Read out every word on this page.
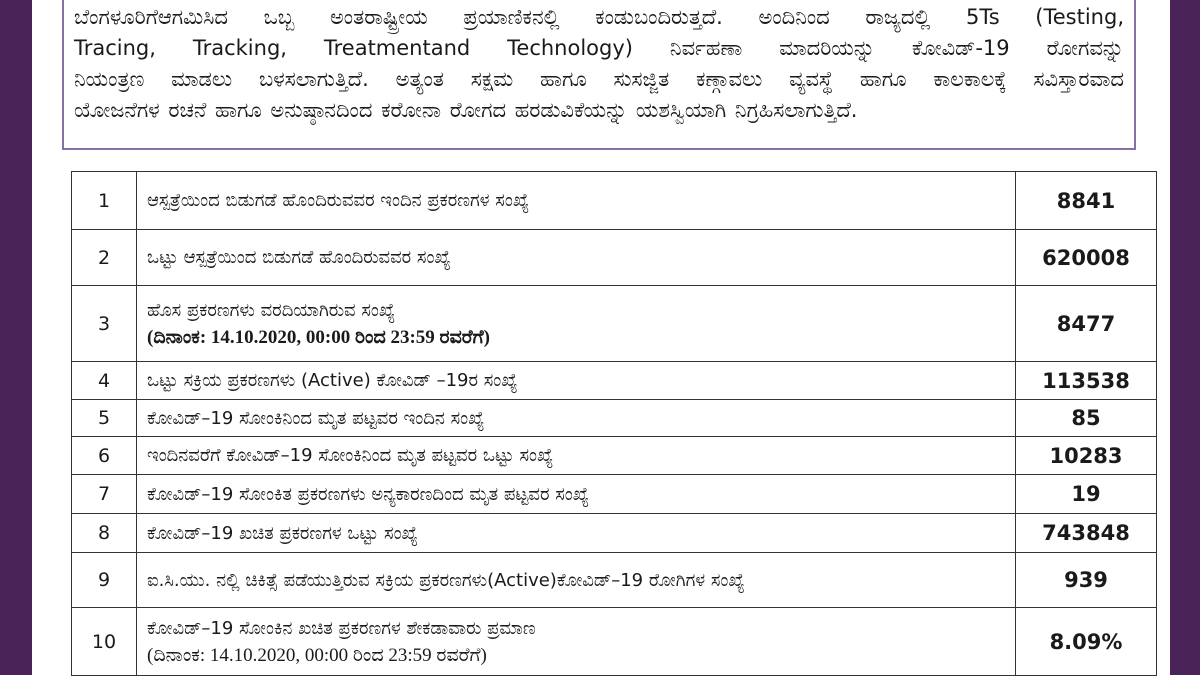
ಬೆಂಗಳೂರಿಗೆಆಗಮಿಸಿದ ಒಬ್ಬ ಅಂತರಾಷ್ಟ್ರೀಯ ಪ್ರಯಾಣಿಕನಲ್ಲಿ ಕಂಡುಬಂದಿರುತ್ತದೆ. ಅಂದಿನಿಂದ ರಾಜ್ಯದಲ್ಲಿ 5Ts (Testing,

Tracing, Tracking, Treatmentand Technology) ನಿರ್ವಹಣಾ ಮಾದರಿಯನ್ನು ಕೋವಿಡ್-19 ರೋಗವನ್ನು

ನಿಯಂತ್ರಣ ಮಾಡಲು ಬಳಸಲಾಗುತ್ತಿದೆ. ಅತ್ಯಂತ ಸಕ್ಷಮ ಹಾಗೂ ಸುಸಜ್ಜಿತ ಕಣ್ಗಾವಲು ವ್ಯವಸ್ಥೆ ಹಾಗೂ ಕಾಲಕಾಲಕ್ಕೆ ಸವಿಸ್ತಾರವಾದ

ಯೋಜನೆಗಳ ರಚನೆ ಹಾಗೂ ಅನುಷ್ಠಾನದಿಂದ ಕರೋನಾ ರೋಗದ ಹರಡುವಿಕೆಯನ್ನು ಯಶಸ್ವಿಯಾಗಿ ನಿಗ್ರಹಿಸಲಾಗುತ್ತಿದೆ.

1	ಆಸ್ಪತ್ರೆಯಿಂದ ಬಿಡುಗಡೆ ಹೊಂದಿರುವವರ ಇಂದಿನ ಪ್ರಕರಣಗಳ ಸಂಖ್ಯೆ	8841
2	ಒಟ್ಟು ಆಸ್ಪತ್ರೆಯಿಂದ ಬಿಡುಗಡೆ ಹೊಂದಿರುವವರ ಸಂಖ್ಯೆ	620008
3	ಹೊಸ ಪ್ರಕರಣಗಳು ವರದಿಯಾಗಿರುವ ಸಂಖ್ಯೆ
(ದಿನಾಂಕ: 14.10.2020, 00:00 ರಿಂದ 23:59 ರವರೆಗೆ)	8477
4	ಒಟ್ಟು ಸಕ್ರಿಯ ಪ್ರಕರಣಗಳು (Active) ಕೋವಿಡ್ –19ರ ಸಂಖ್ಯೆ	113538
5	ಕೋವಿಡ್–19 ಸೋಂಕಿನಿಂದ ಮೃತ ಪಟ್ಟವರ ಇಂದಿನ ಸಂಖ್ಯೆ	85
6	ಇಂದಿನವರೆಗೆ ಕೋವಿಡ್–19 ಸೋಂಕಿನಿಂದ ಮೃತ ಪಟ್ಟವರ ಒಟ್ಟು ಸಂಖ್ಯೆ	10283
7	ಕೋವಿಡ್–19 ಸೋಂಕಿತ ಪ್ರಕರಣಗಳು ಅನ್ಯಕಾರಣದಿಂದ ಮೃತ ಪಟ್ಟವರ ಸಂಖ್ಯೆ	19
8	ಕೋವಿಡ್–19 ಖಚಿತ ಪ್ರಕರಣಗಳ ಒಟ್ಟು ಸಂಖ್ಯೆ	743848
9	ಐ.ಸಿ.ಯು. ನಲ್ಲಿ ಚಿಕಿತ್ಸೆ ಪಡೆಯುತ್ತಿರುವ ಸಕ್ರಿಯ ಪ್ರಕರಣಗಳು(Active)ಕೋವಿಡ್–19 ರೋಗಿಗಳ ಸಂಖ್ಯೆ	939
10	ಕೋವಿಡ್–19 ಸೋಂಕಿನ ಖಚಿತ ಪ್ರಕರಣಗಳ ಶೇಕಡಾವಾರು ಪ್ರಮಾಣ
(ದಿನಾಂಕ: 14.10.2020, 00:00 ರಿಂದ 23:59 ರವರೆಗೆ)	8.09%
